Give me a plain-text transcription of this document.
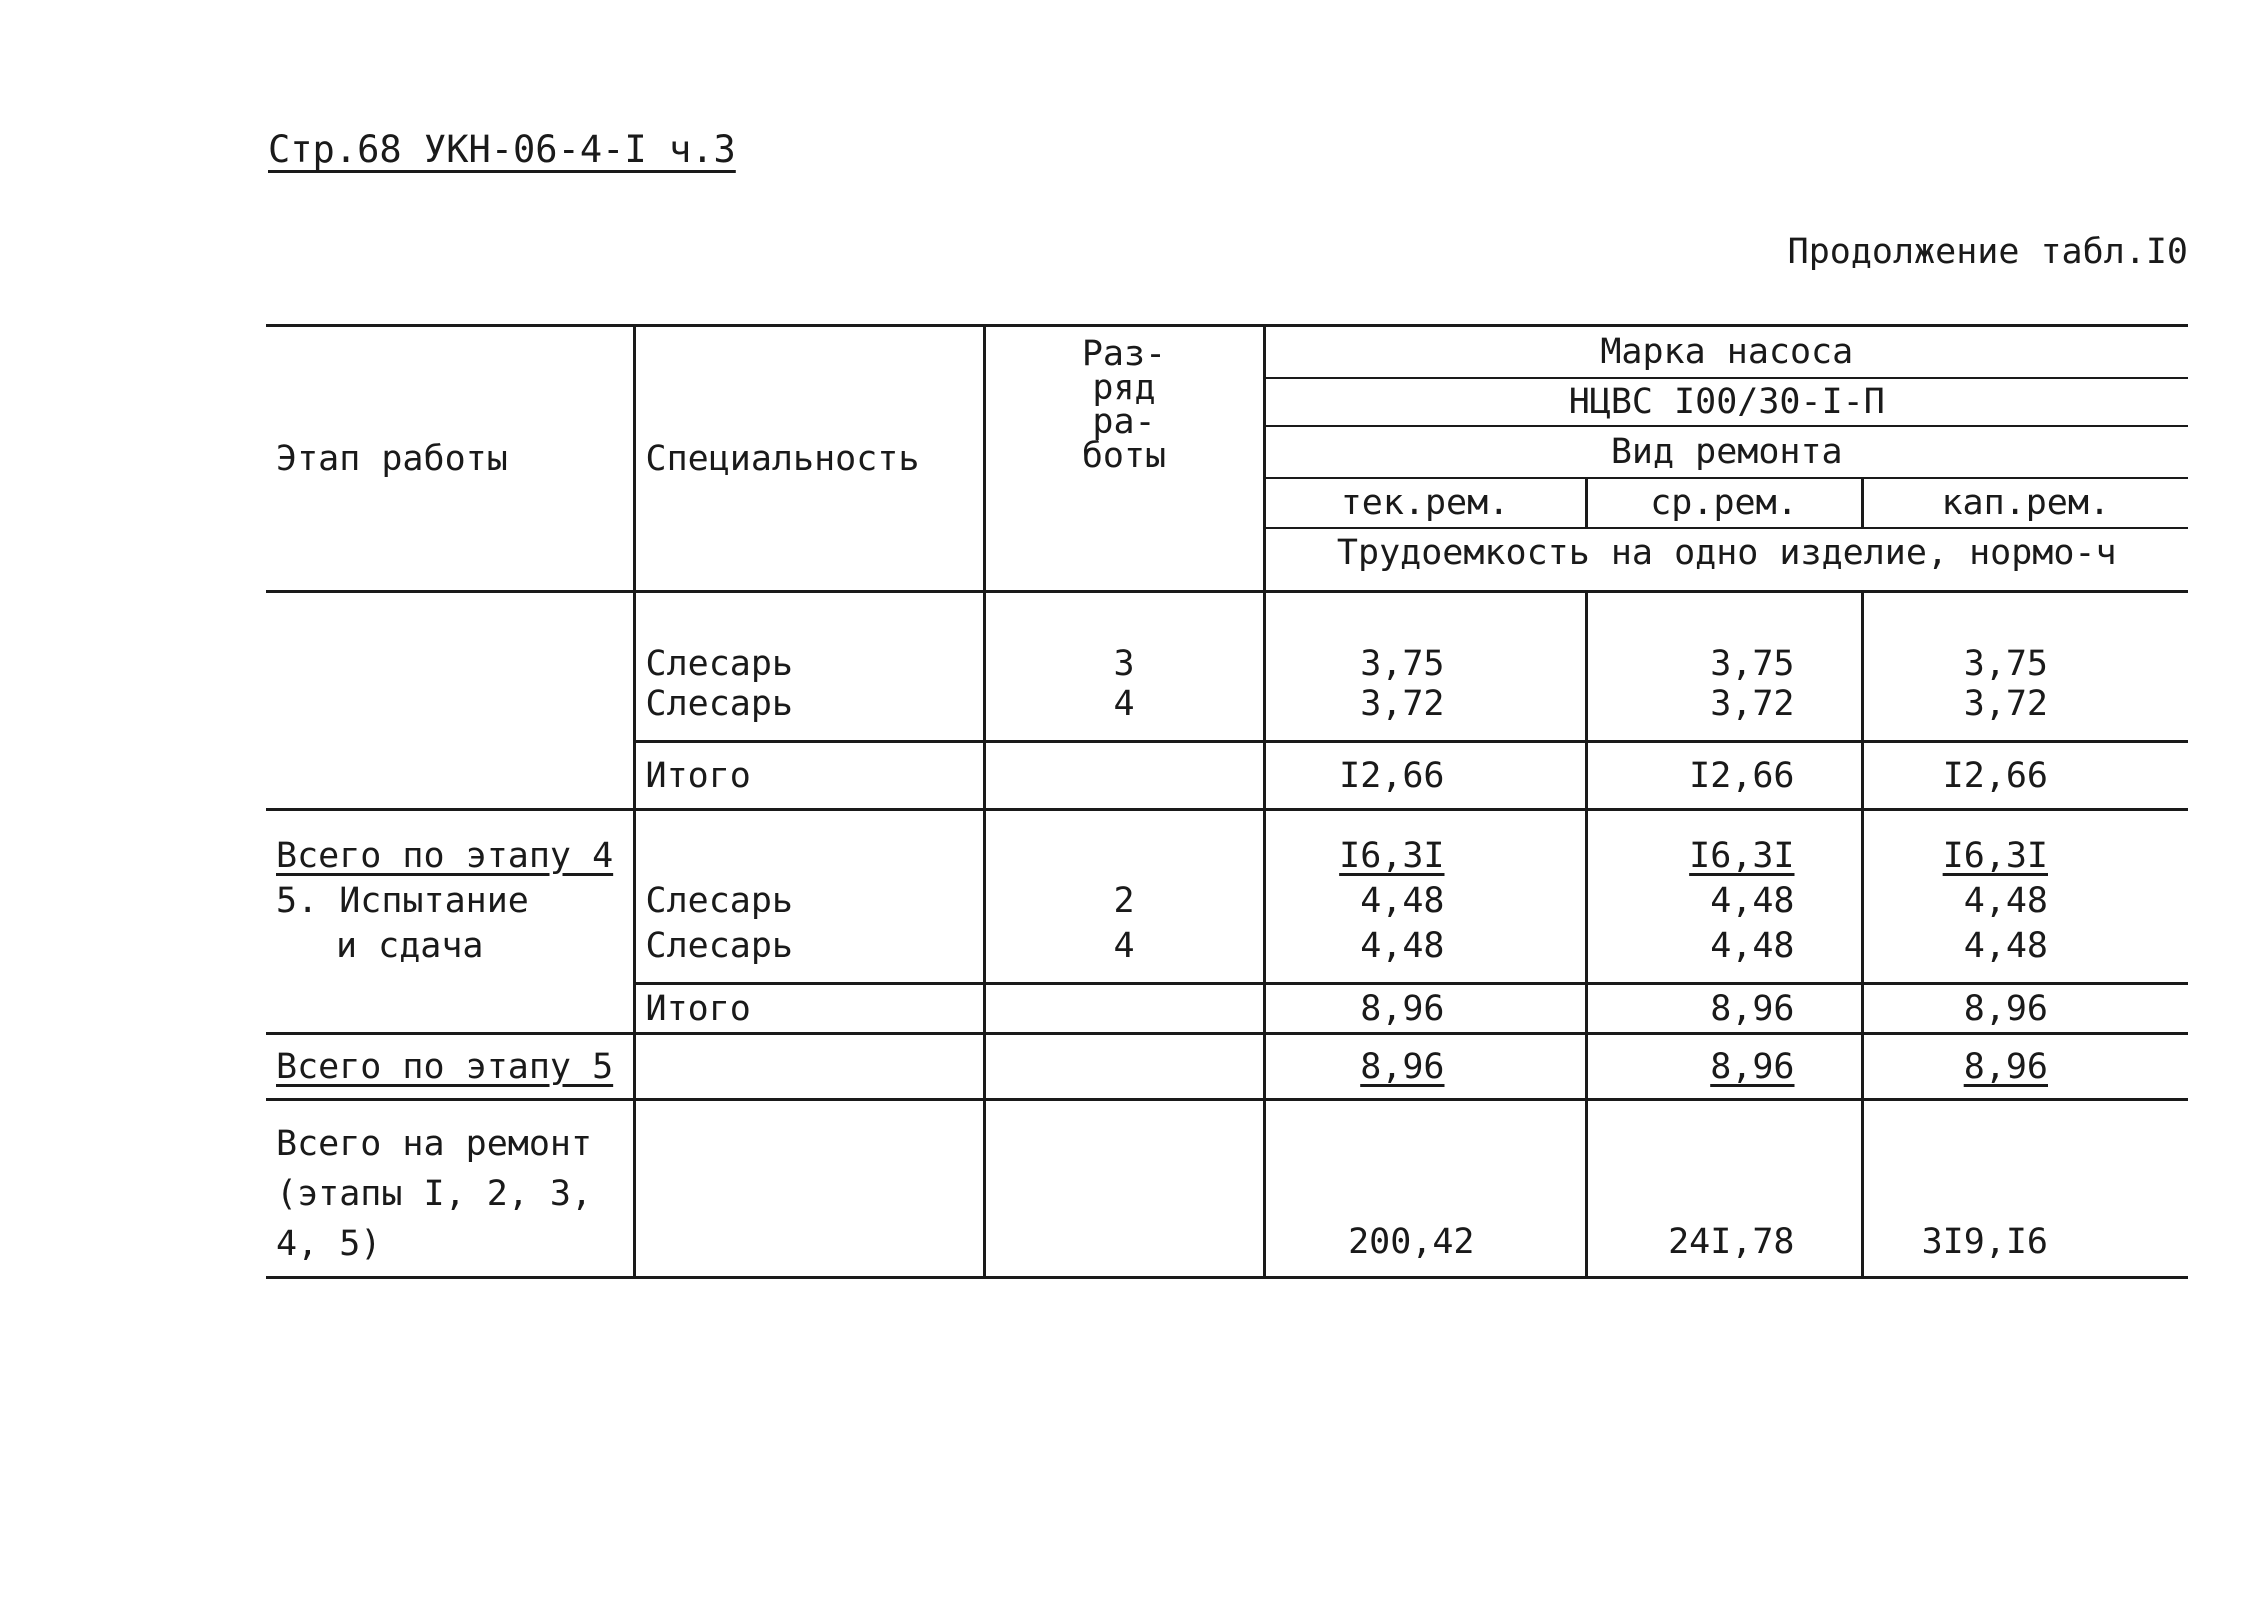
Стр.68 УКН-06-4-I ч.3
Продолжение табл.I0
Этап работы	Специальность	Раз-
ряд
ра-
боты	Марка насоса		
			НЦВС I00/30-I-П		
			Вид ремонта		
			тек.рем.	ср.рем.	кап.рем.
			Трудоемкость на одно изделие, нормо-ч		
	Слесарь	3	3,75	3,75	3,75
	Слесарь	4	3,72	3,72	3,72
	Итого		I2,66	I2,66	I2,66
Всего по этапу 4			I6,3I	I6,3I	I6,3I
5. Испытание	Слесарь	2	4,48	4,48	4,48
и сдача	Слесарь	4	4,48	4,48	4,48
	Итого		8,96	8,96	8,96
Всего по этапу 5			8,96	8,96	8,96

Всего на ремонт
(этапы I, 2, 3,
4, 5)			200,42	24I,78	3I9,I6
